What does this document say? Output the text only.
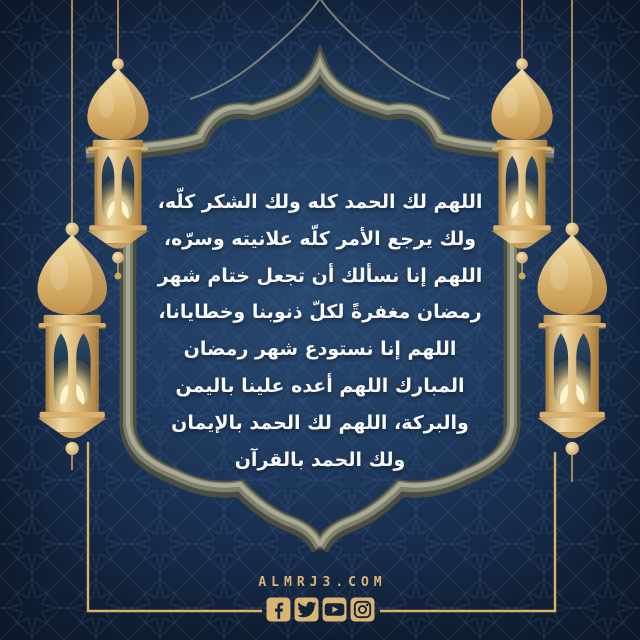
اللهم لك الحمد كله ولك الشكر كلّه،
ولك يرجع الأمر كلّه علانيته وسرّه،
اللهم إنا نسألك أن تجعل ختام شهر
رمضان مغفرةً لكلّ ذنوبنا وخطايانا،
اللهم إنا نستودع شهر رمضان
المبارك اللهم أعده علينا باليمن
والبركة، اللهم لك الحمد بالإيمان
ولك الحمد بالقرآن
ALMRJ3.COM
